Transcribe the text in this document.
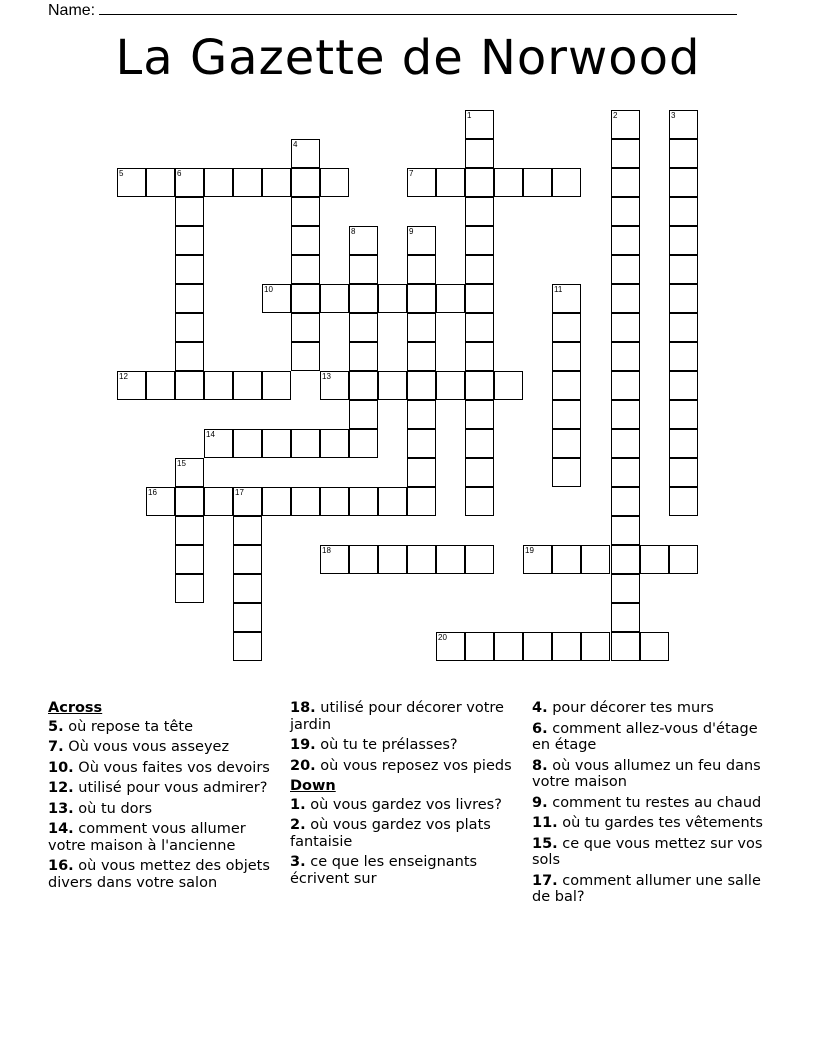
Name:
La Gazette de Norwood
1	2	3
4
5	6	7
8	9
10	11
12	13
14
15
16	17
18	19
20
Across
5. où repose ta tête
7. Où vous vous asseyez
10. Où vous faites vos devoirs
12. utilisé pour vous admirer?
13. où tu dors
14. comment vous allumer votre maison à l'ancienne
16. où vous mettez des objets divers dans votre salon
18. utilisé pour décorer votre jardin
19. où tu te prélasses?
20. où vous reposez vos pieds
Down
1. où vous gardez vos livres?
2. où vous gardez vos plats fantaisie
3. ce que les enseignants écrivent sur
4. pour décorer tes murs
6. comment allez-vous d'étage en étage
8. où vous allumez un feu dans votre maison
9. comment tu restes au chaud
11. où tu gardes tes vêtements
15. ce que vous mettez sur vos sols
17. comment allumer une salle de bal?
